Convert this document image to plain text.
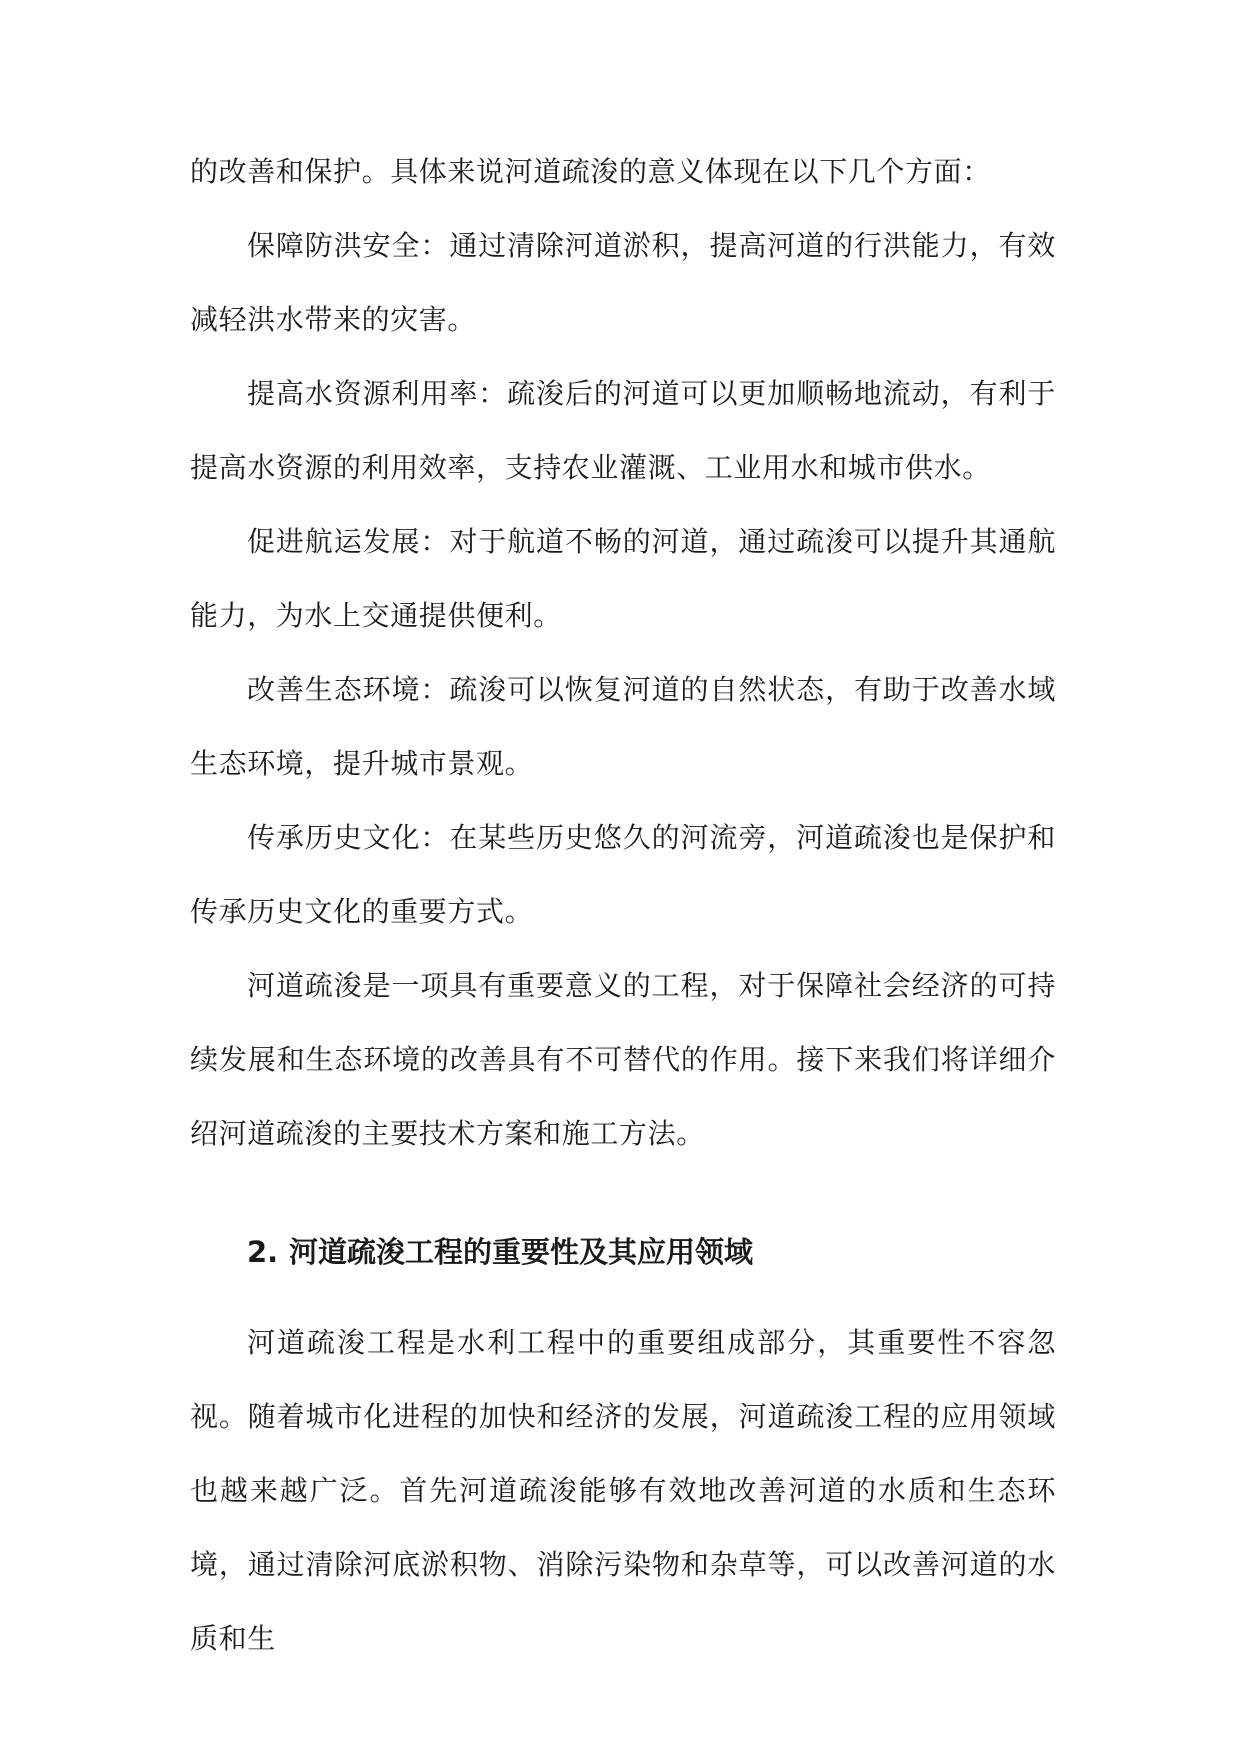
的改善和保护。具体来说河道疏浚的意义体现在以下几个方面：

保障防洪安全：通过清除河道淤积，提高河道的行洪能力，有效减轻洪水带来的灾害。

提高水资源利用率：疏浚后的河道可以更加顺畅地流动，有利于提高水资源的利用效率，支持农业灌溉、工业用水和城市供水。

促进航运发展：对于航道不畅的河道，通过疏浚可以提升其通航能力，为水上交通提供便利。

改善生态环境：疏浚可以恢复河道的自然状态，有助于改善水域生态环境，提升城市景观。

传承历史文化：在某些历史悠久的河流旁，河道疏浚也是保护和传承历史文化的重要方式。

河道疏浚是一项具有重要意义的工程，对于保障社会经济的可持续发展和生态环境的改善具有不可替代的作用。接下来我们将详细介绍河道疏浚的主要技术方案和施工方法。

2. 河道疏浚工程的重要性及其应用领域

河道疏浚工程是水利工程中的重要组成部分，其重要性不容忽视。随着城市化进程的加快和经济的发展，河道疏浚工程的应用领域也越来越广泛。首先河道疏浚能够有效地改善河道的水质和生态环境，通过清除河底淤积物、消除污染物和杂草等，可以改善河道的水质和生
